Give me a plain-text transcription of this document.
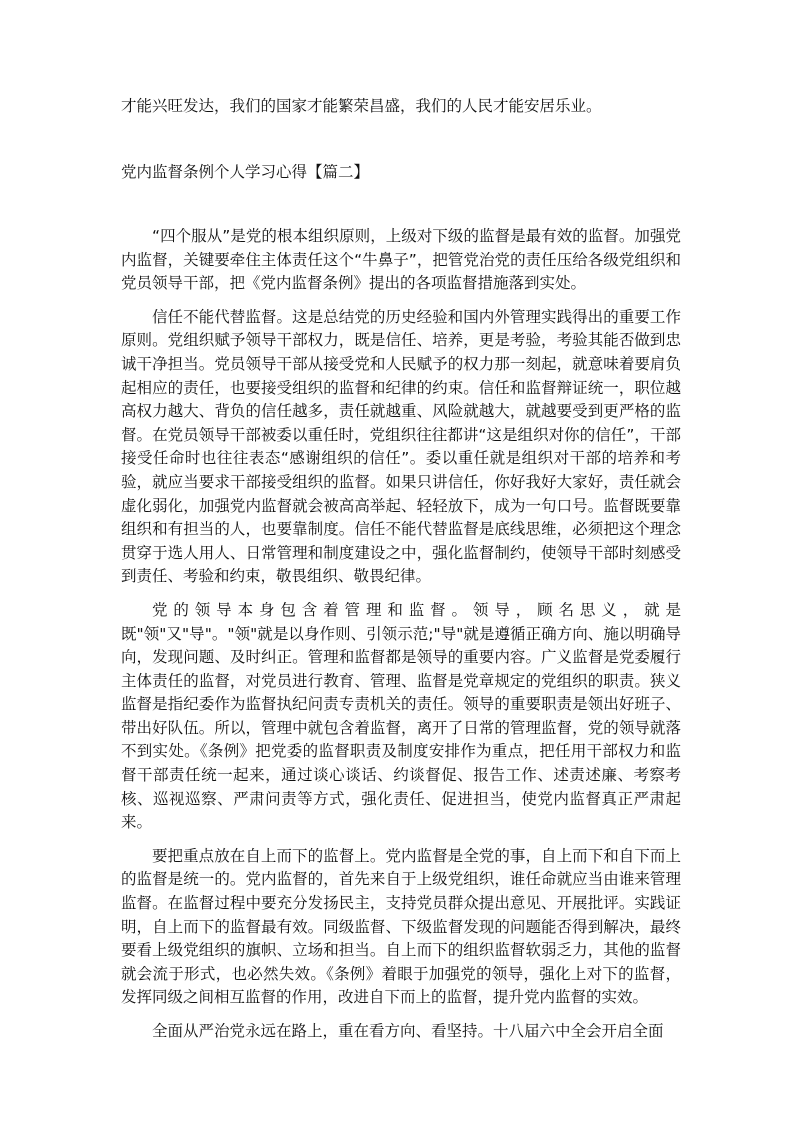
才能兴旺发达，我们的国家才能繁荣昌盛，我们的人民才能安居乐业。
党内监督条例个人学习心得【篇二】

“四个服从”是党的根本组织原则，上级对下级的监督是最有效的监督。加强党内监督，关键要牵住主体责任这个“牛鼻子”，把管党治党的责任压给各级党组织和党员领导干部，把《党内监督条例》提出的各项监督措施落到实处。

信任不能代替监督。这是总结党的历史经验和国内外管理实践得出的重要工作原则。党组织赋予领导干部权力，既是信任、培养，更是考验，考验其能否做到忠诚干净担当。党员领导干部从接受党和人民赋予的权力那一刻起，就意味着要肩负起相应的责任，也要接受组织的监督和纪律的约束。信任和监督辩证统一，职位越高权力越大、背负的信任越多，责任就越重、风险就越大，就越要受到更严格的监督。在党员领导干部被委以重任时，党组织往往都讲“这是组织对你的信任”，干部接受任命时也往往表态“感谢组织的信任”。委以重任就是组织对干部的培养和考验，就应当要求干部接受组织的监督。如果只讲信任，你好我好大家好，责任就会虚化弱化，加强党内监督就会被高高举起、轻轻放下，成为一句口号。监督既要靠组织和有担当的人，也要靠制度。信任不能代替监督是底线思维，必须把这个理念贯穿于选人用人、日常管理和制度建设之中，强化监督制约，使领导干部时刻感受到责任、考验和约束，敬畏组织、敬畏纪律。

党的领导本身包含着管理和监督。领导，顾名思义，就是既"领"又"导"。"领"就是以身作则、引领示范;"导"就是遵循正确方向、施以明确导向，发现问题、及时纠正。管理和监督都是领导的重要内容。广义监督是党委履行主体责任的监督，对党员进行教育、管理、监督是党章规定的党组织的职责。狭义监督是指纪委作为监督执纪问责专责机关的责任。领导的重要职责是领出好班子、带出好队伍。所以，管理中就包含着监督，离开了日常的管理监督，党的领导就落不到实处。《条例》把党委的监督职责及制度安排作为重点，把任用干部权力和监督干部责任统一起来，通过谈心谈话、约谈督促、报告工作、述责述廉、考察考核、巡视巡察、严肃问责等方式，强化责任、促进担当，使党内监督真正严肃起来。

要把重点放在自上而下的监督上。党内监督是全党的事，自上而下和自下而上的监督是统一的。党内监督的，首先来自于上级党组织，谁任命就应当由谁来管理监督。在监督过程中要充分发扬民主，支持党员群众提出意见、开展批评。实践证明，自上而下的监督最有效。同级监督、下级监督发现的问题能否得到解决，最终要看上级党组织的旗帜、立场和担当。自上而下的组织监督软弱乏力，其他的监督就会流于形式，也必然失效。《条例》着眼于加强党的领导，强化上对下的监督，发挥同级之间相互监督的作用，改进自下而上的监督，提升党内监督的实效。

全面从严治党永远在路上，重在看方向、看坚持。十八届六中全会开启全面
